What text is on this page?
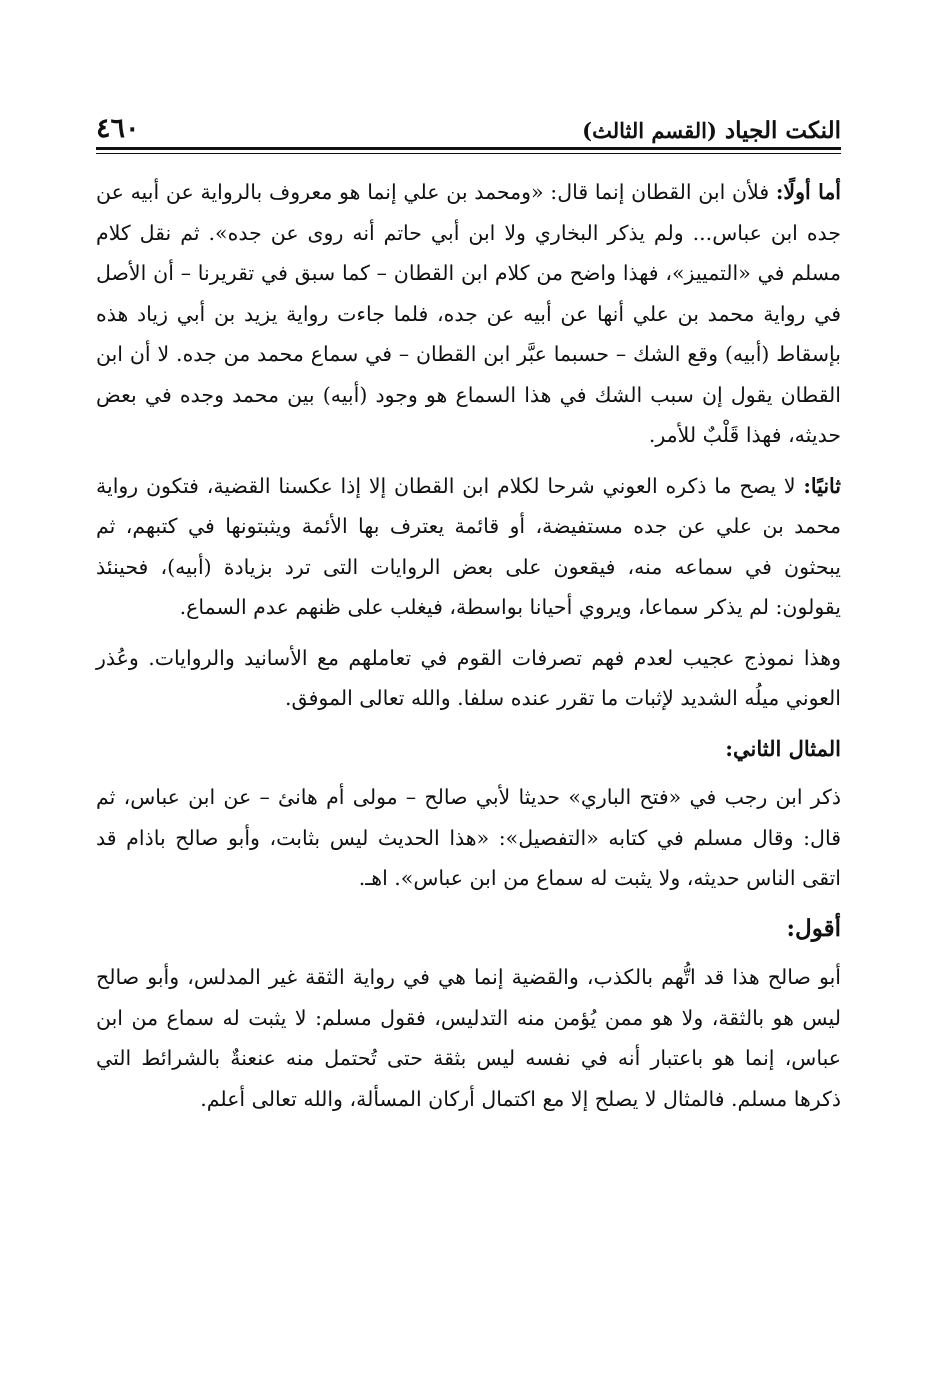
النكت الجياد (القسم الثالث)
٤٦٠

أما أولًا: فلأن ابن القطان إنما قال: «ومحمد بن علي إنما هو معروف بالرواية عن أبيه عن جده ابن عباس... ولم يذكر البخاري ولا ابن أبي حاتم أنه روى عن جده». ثم نقل كلام مسلم في «التمييز»، فهذا واضح من كلام ابن القطان – كما سبق في تقريرنا – أن الأصل في رواية محمد بن علي أنها عن أبيه عن جده، فلما جاءت رواية يزيد بن أبي زياد هذه بإسقاط (أبيه) وقع الشك – حسبما عبَّر ابن القطان – في سماع محمد من جده. لا أن ابن القطان يقول إن سبب الشك في هذا السماع هو وجود (أبيه) بين محمد وجده في بعض حديثه، فهذا قَلْبٌ للأمر.

ثانيًا: لا يصح ما ذكره العوني شرحا لكلام ابن القطان إلا إذا عكسنا القضية، فتكون رواية محمد بن علي عن جده مستفيضة، أو قائمة يعترف بها الأئمة ويثبتونها في كتبهم، ثم يبحثون في سماعه منه، فيقعون على بعض الروايات التى ترد بزيادة (أبيه)، فحينئذ يقولون: لم يذكر سماعا، ويروي أحيانا بواسطة، فيغلب على ظنهم عدم السماع.

وهذا نموذج عجيب لعدم فهم تصرفات القوم في تعاملهم مع الأسانيد والروايات. وعُذر العوني ميلُه الشديد لإثبات ما تقرر عنده سلفا. والله تعالى الموفق.

المثال الثاني:

ذكر ابن رجب في «فتح الباري» حديثا لأبي صالح – مولى أم هانئ – عن ابن عباس، ثم قال: وقال مسلم في كتابه «التفصيل»: «هذا الحديث ليس بثابت، وأبو صالح باذام قد اتقى الناس حديثه، ولا يثبت له سماع من ابن عباس». اهـ.

أقول:

أبو صالح هذا قد اتُّهم بالكذب، والقضية إنما هي في رواية الثقة غير المدلس، وأبو صالح ليس هو بالثقة، ولا هو ممن يُؤمن منه التدليس، فقول مسلم: لا يثبت له سماع من ابن عباس، إنما هو باعتبار أنه في نفسه ليس بثقة حتى تُحتمل منه عنعنةٌ بالشرائط التي ذكرها مسلم. فالمثال لا يصلح إلا مع اكتمال أركان المسألة، والله تعالى أعلم.
